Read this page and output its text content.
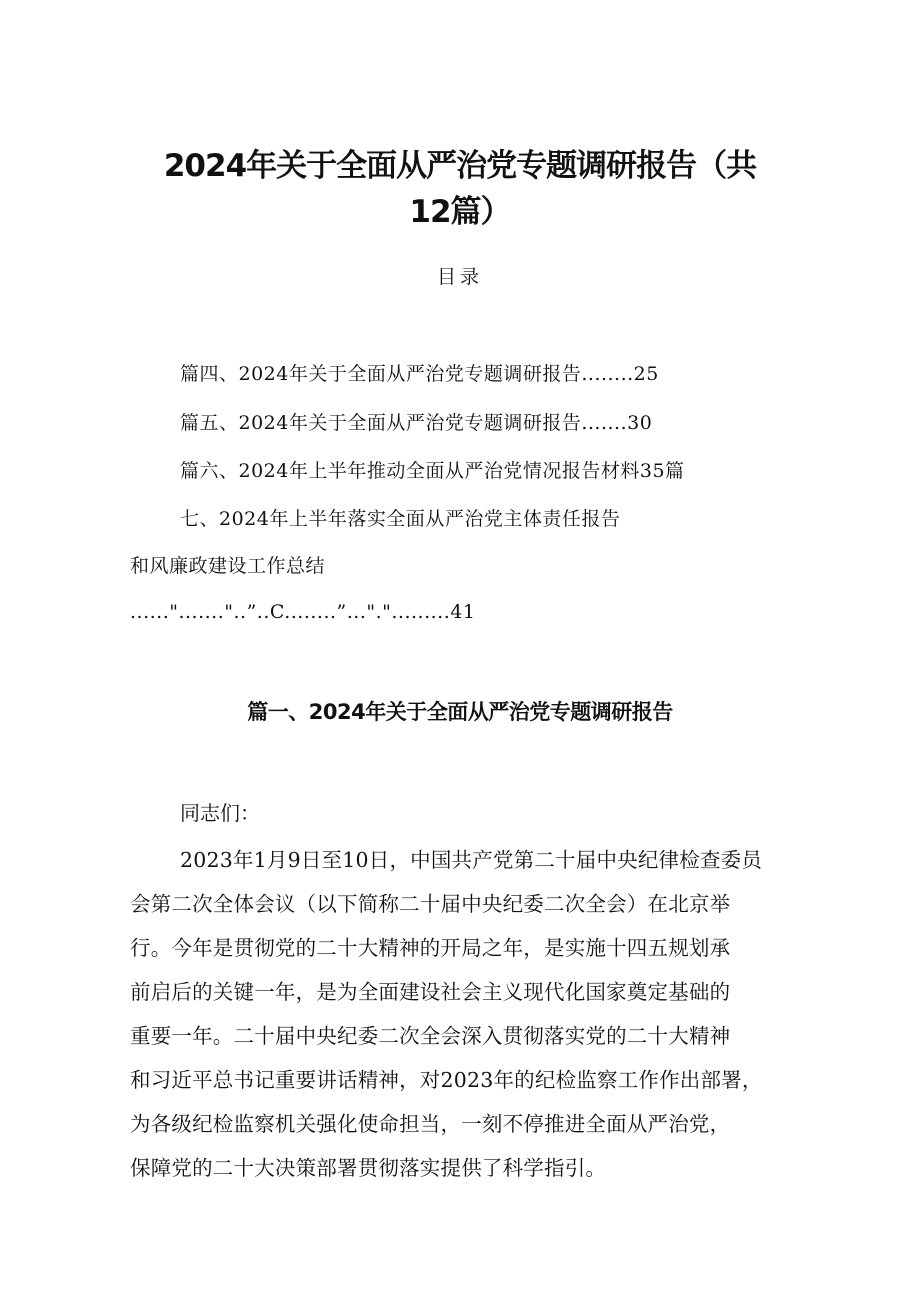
2024年关于全面从严治党专题调研报告（共
12篇）
目录
篇四、2024年关于全面从严治党专题调研报告........25
篇五、2024年关于全面从严治党专题调研报告.......30
篇六、2024年上半年推动全面从严治党情况报告材料35篇
七、2024年上半年落实全面从严治党主体责任报告
和风廉政建设工作总结
......"......."..”..C........”...".".........41
篇一、2024年关于全面从严治党专题调研报告
同志们：
2023年1月9日至10日，中国共产党第二十届中央纪律检查委员
会第二次全体会议（以下简称二十届中央纪委二次全会）在北京举
行。今年是贯彻党的二十大精神的开局之年，是实施十四五规划承
前启后的关键一年，是为全面建设社会主义现代化国家奠定基础的
重要一年。二十届中央纪委二次全会深入贯彻落实党的二十大精神
和习近平总书记重要讲话精神，对2023年的纪检监察工作作出部署，
为各级纪检监察机关强化使命担当，一刻不停推进全面从严治党，
保障党的二十大决策部署贯彻落实提供了科学指引。
